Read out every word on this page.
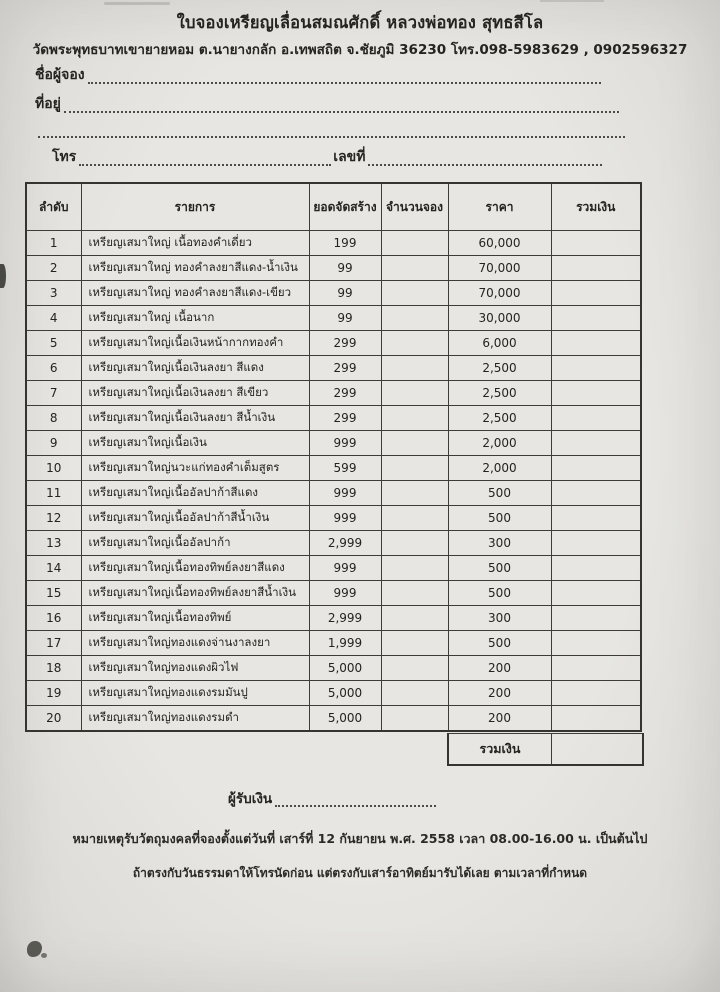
ใบจองเหรียญเลื่อนสมณศักดิ์ หลวงพ่อทอง สุทธสีโล
วัดพระพุทธบาทเขายายหอม ต.นายางกลัก อ.เทพสถิต จ.ชัยภูมิ 36230 โทร.098-5983629 , 0902596327
ชื่อผู้จอง
ที่อยู่
โทร	เลขที่
ลำดับ	รายการ	ยอดจัดสร้าง	จำนวนจอง	ราคา	รวมเงิน
1	เหรียญเสมาใหญ่ เนื้อทองคำเดี่ยว	199		60,000	
2	เหรียญเสมาใหญ่ ทองคำลงยาสีแดง-น้ำเงิน	99		70,000	
3	เหรียญเสมาใหญ่ ทองคำลงยาสีแดง-เขียว	99		70,000	
4	เหรียญเสมาใหญ่ เนื้อนาก	99		30,000	
5	เหรียญเสมาใหญ่เนื้อเงินหน้ากากทองคำ	299		6,000	
6	เหรียญเสมาใหญ่เนื้อเงินลงยา สีแดง	299		2,500	
7	เหรียญเสมาใหญ่เนื้อเงินลงยา สีเขียว	299		2,500	
8	เหรียญเสมาใหญ่เนื้อเงินลงยา สีน้ำเงิน	299		2,500	
9	เหรียญเสมาใหญ่เนื้อเงิน	999		2,000	
10	เหรียญเสมาใหญ่นวะแก่ทองคำเต็มสูตร	599		2,000	
11	เหรียญเสมาใหญ่เนื้ออัลปาก้าสีแดง	999		500	
12	เหรียญเสมาใหญ่เนื้ออัลปาก้าสีน้ำเงิน	999		500	
13	เหรียญเสมาใหญ่เนื้ออัลปาก้า	2,999		300	
14	เหรียญเสมาใหญ่เนื้อทองทิพย์ลงยาสีแดง	999		500	
15	เหรียญเสมาใหญ่เนื้อทองทิพย์ลงยาสีน้ำเงิน	999		500	
16	เหรียญเสมาใหญ่เนื้อทองทิพย์	2,999		300	
17	เหรียญเสมาใหญ่ทองแดงจ่านงาลงยา	1,999		500	
18	เหรียญเสมาใหญ่ทองแดงผิวไฟ	5,000		200	
19	เหรียญเสมาใหญ่ทองแดงรมมันปู	5,000		200	
20	เหรียญเสมาใหญ่ทองแดงรมดำ	5,000		200	
รวมเงิน
ผู้รับเงิน
หมายเหตุรับวัตถุมงคลที่จองตั้งแต่วันที่ เสาร์ที่ 12 กันยายน พ.ศ. 2558 เวลา 08.00-16.00 น. เป็นต้นไป
ถ้าตรงกับวันธรรมดาให้โทรนัดก่อน แต่ตรงกับเสาร์อาทิตย์มารับได้เลย ตามเวลาที่กำหนด
